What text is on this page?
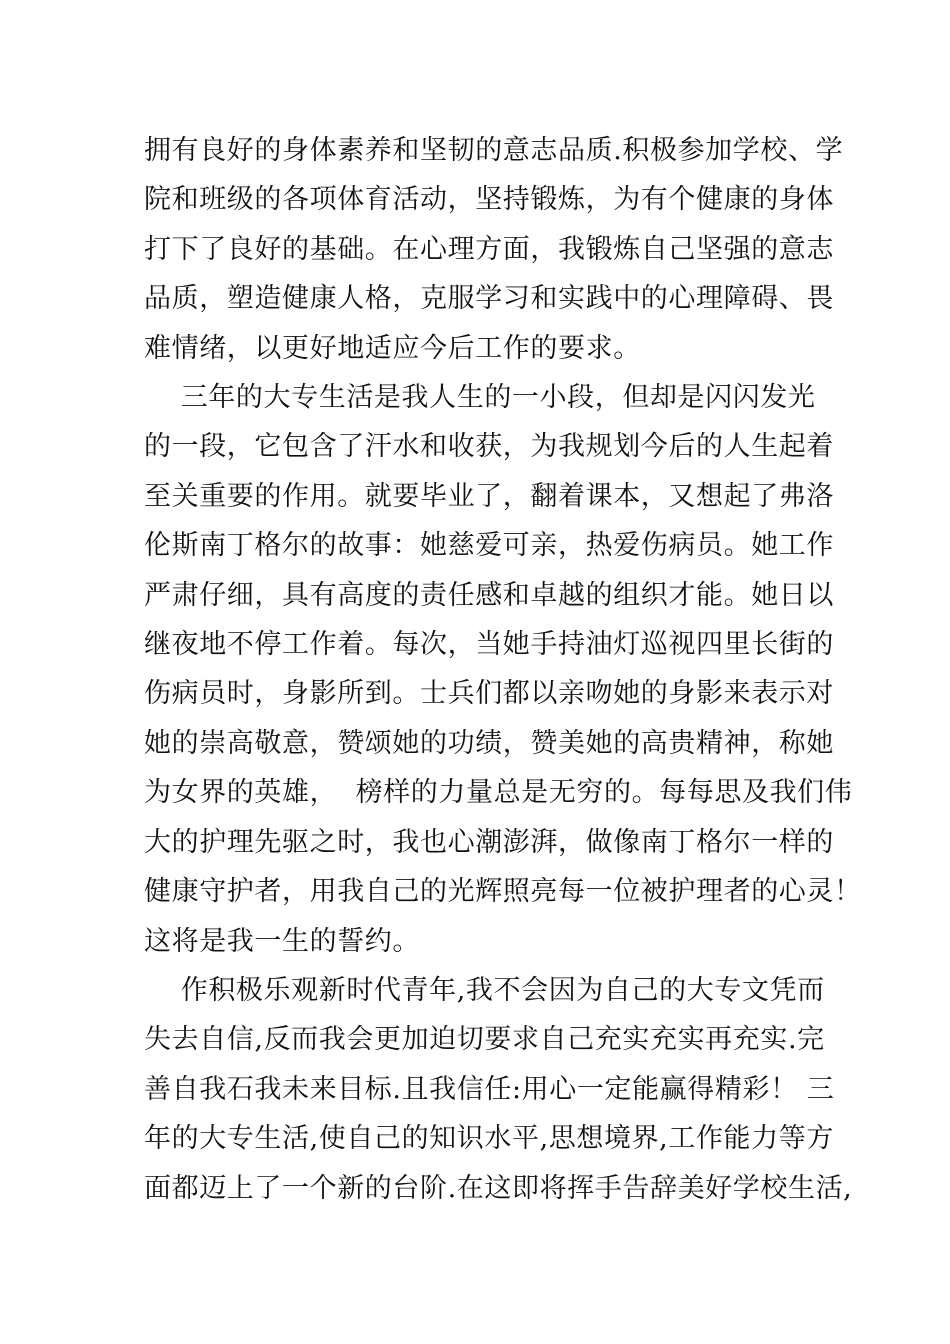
拥有良好的身体素养和坚韧的意志品质.积极参加学校、学
院和班级的各项体育活动，坚持锻炼，为有个健康的身体
打下了良好的基础。在心理方面，我锻炼自己坚强的意志
品质，塑造健康人格，克服学习和实践中的心理障碍、畏
难情绪，以更好地适应今后工作的要求。
三年的大专生活是我人生的一小段，但却是闪闪发光
的一段，它包含了汗水和收获，为我规划今后的人生起着
至关重要的作用。就要毕业了，翻着课本，又想起了弗洛
伦斯南丁格尔的故事：她慈爱可亲，热爱伤病员。她工作
严肃仔细，具有高度的责任感和卓越的组织才能。她日以
继夜地不停工作着。每次，当她手持油灯巡视四里长街的
伤病员时，身影所到。士兵们都以亲吻她的身影来表示对
她的崇高敬意，赞颂她的功绩，赞美她的高贵精神，称她
为女界的英雄，  榜样的力量总是无穷的。每每思及我们伟
大的护理先驱之时，我也心潮澎湃，做像南丁格尔一样的
健康守护者，用我自己的光辉照亮每一位被护理者的心灵！
这将是我一生的誓约。
作积极乐观新时代青年,我不会因为自己的大专文凭而
失去自信,反而我会更加迫切要求自己充实充实再充实.完
善自我石我未来目标.且我信任:用心一定能赢得精彩！ 三
年的大专生活,使自己的知识水平,思想境界,工作能力等方
面都迈上了一个新的台阶.在这即将挥手告辞美好学校生活,
